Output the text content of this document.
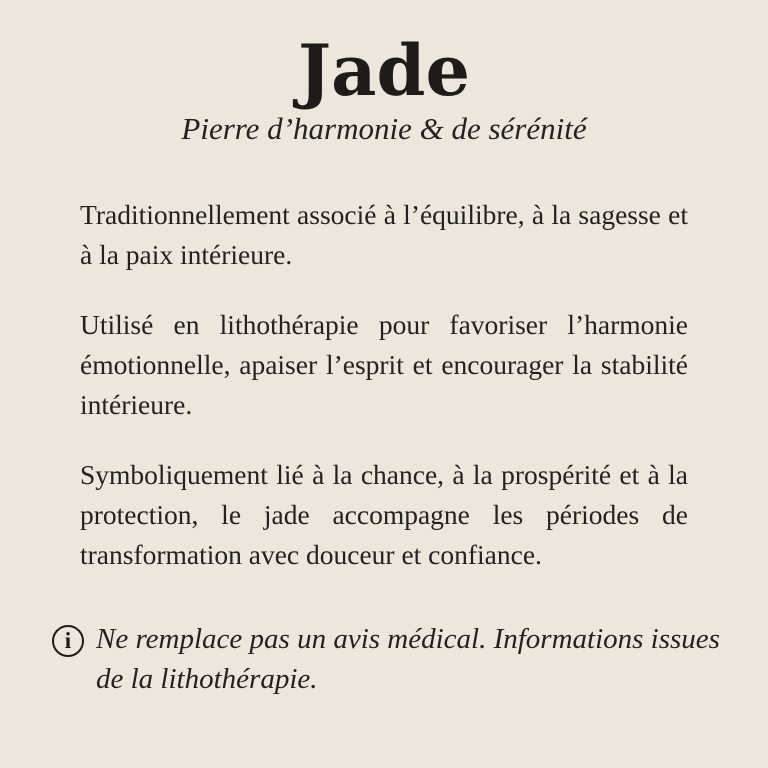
Jade
Pierre d’harmonie & de sérénité

Traditionnellement associé à l’équilibre, à la sagesse et à la paix intérieure.

Utilisé en lithothérapie pour favoriser l’harmonie émotionnelle, apaiser l’esprit et encourager la stabilité intérieure.

Symboliquement lié à la chance, à la prospérité et à la protection, le jade accompagne les périodes de transformation avec douceur et confiance.

i Ne remplace pas un avis médical. Informations issues de la lithothérapie.
